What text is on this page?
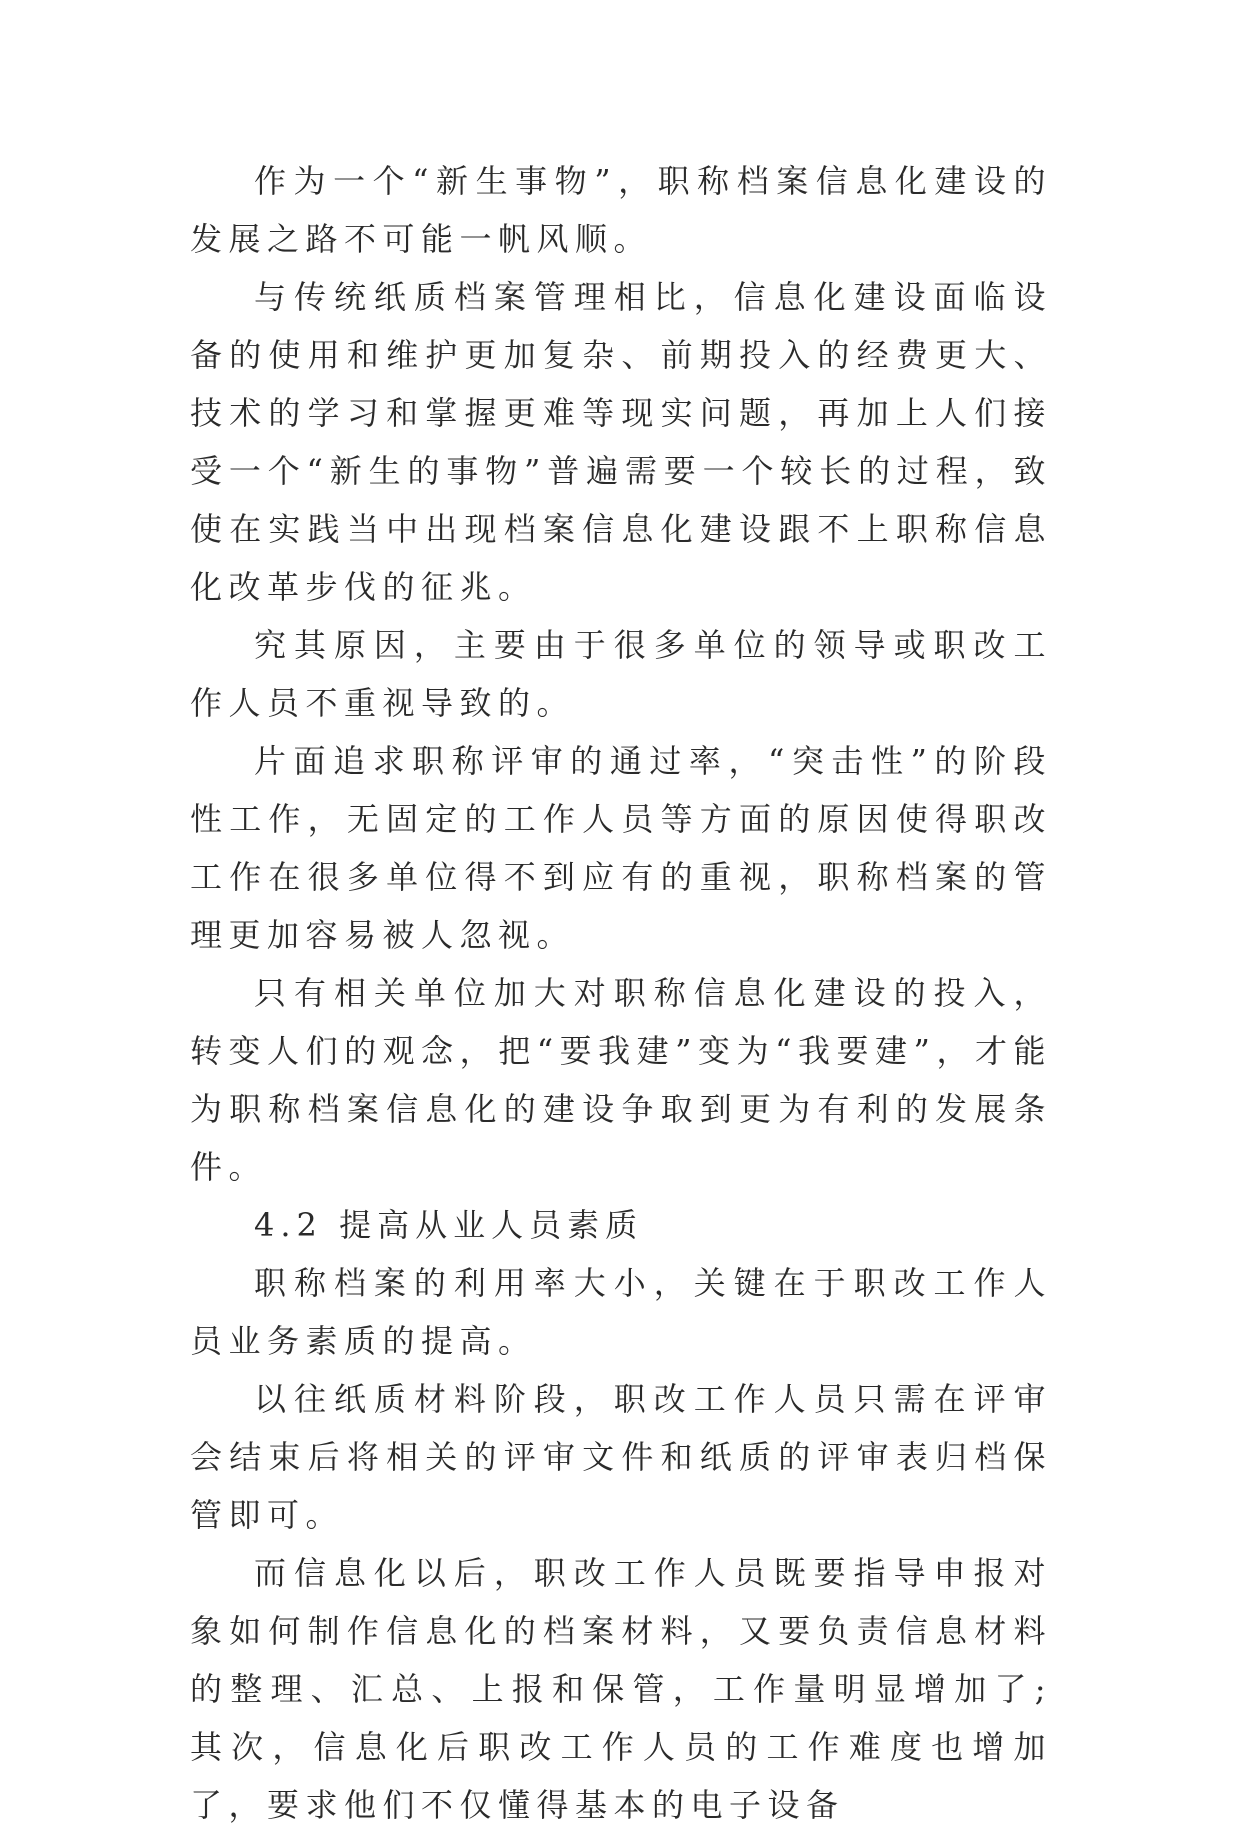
作为一个“新生事物”，职称档案信息化建设的发展之路不可能一帆风顺。

与传统纸质档案管理相比，信息化建设面临设备的使用和维护更加复杂、前期投入的经费更大、技术的学习和掌握更难等现实问题，再加上人们接受一个“新生的事物”普遍需要一个较长的过程，致使在实践当中出现档案信息化建设跟不上职称信息化改革步伐的征兆。

究其原因，主要由于很多单位的领导或职改工作人员不重视导致的。

片面追求职称评审的通过率，“突击性”的阶段性工作，无固定的工作人员等方面的原因使得职改工作在很多单位得不到应有的重视，职称档案的管理更加容易被人忽视。

只有相关单位加大对职称信息化建设的投入，转变人们的观念，把“要我建”变为“我要建”，才能为职称档案信息化的建设争取到更为有利的发展条件。

4.2 提高从业人员素质

职称档案的利用率大小，关键在于职改工作人员业务素质的提高。

以往纸质材料阶段，职改工作人员只需在评审会结束后将相关的评审文件和纸质的评审表归档保管即可。

而信息化以后，职改工作人员既要指导申报对象如何制作信息化的档案材料，又要负责信息材料的整理、汇总、上报和保管，工作量明显增加了;其次，信息化后职改工作人员的工作难度也增加了，要求他们不仅懂得基本的电子设备
